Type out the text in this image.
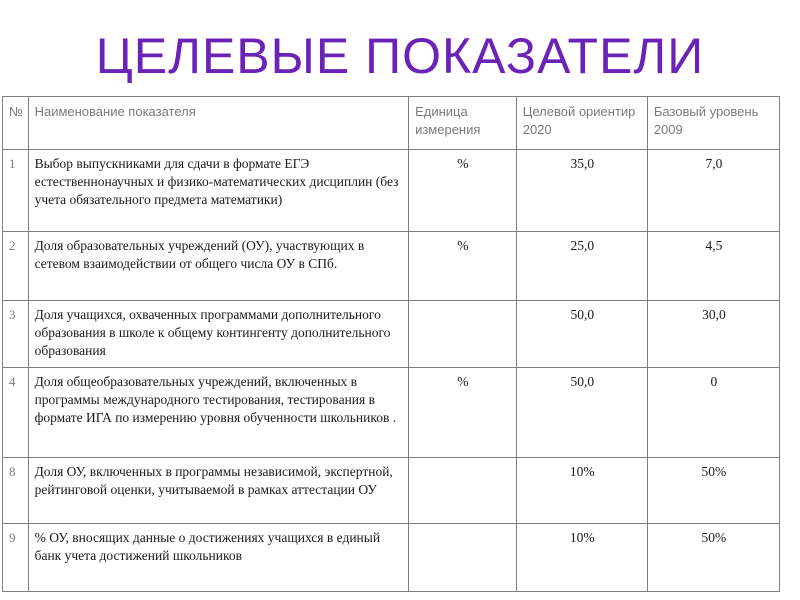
ЦЕЛЕВЫЕ ПОКАЗАТЕЛИ
№	Наименование показателя	Единица измерения	Целевой ориентир 2020	Базовый уровень 2009
1	Выбор выпускниками для сдачи в формате ЕГЭ естественнонаучных и физико-математических дисциплин (без учета обязательного предмета математики)	%	35,0	7,0
2	Доля образовательных учреждений (ОУ), участвующих в сетевом взаимодействии от общего числа ОУ в СПб.	%	25,0	4,5
3	Доля учащихся, охваченных программами дополнительного образования в школе к общему контингенту дополнительного образования		50,0	30,0
4	Доля общеобразовательных учреждений, включенных в программы международного тестирования, тестирования в формате ИГА по измерению уровня обученности школьников .	%	50,0	0
8	Доля ОУ, включенных в программы независимой, экспертной, рейтинговой оценки, учитываемой в рамках аттестации ОУ		10%	50%
9	% ОУ, вносящих данные о достижениях учащихся в единый банк учета достижений школьников		10%	50%
